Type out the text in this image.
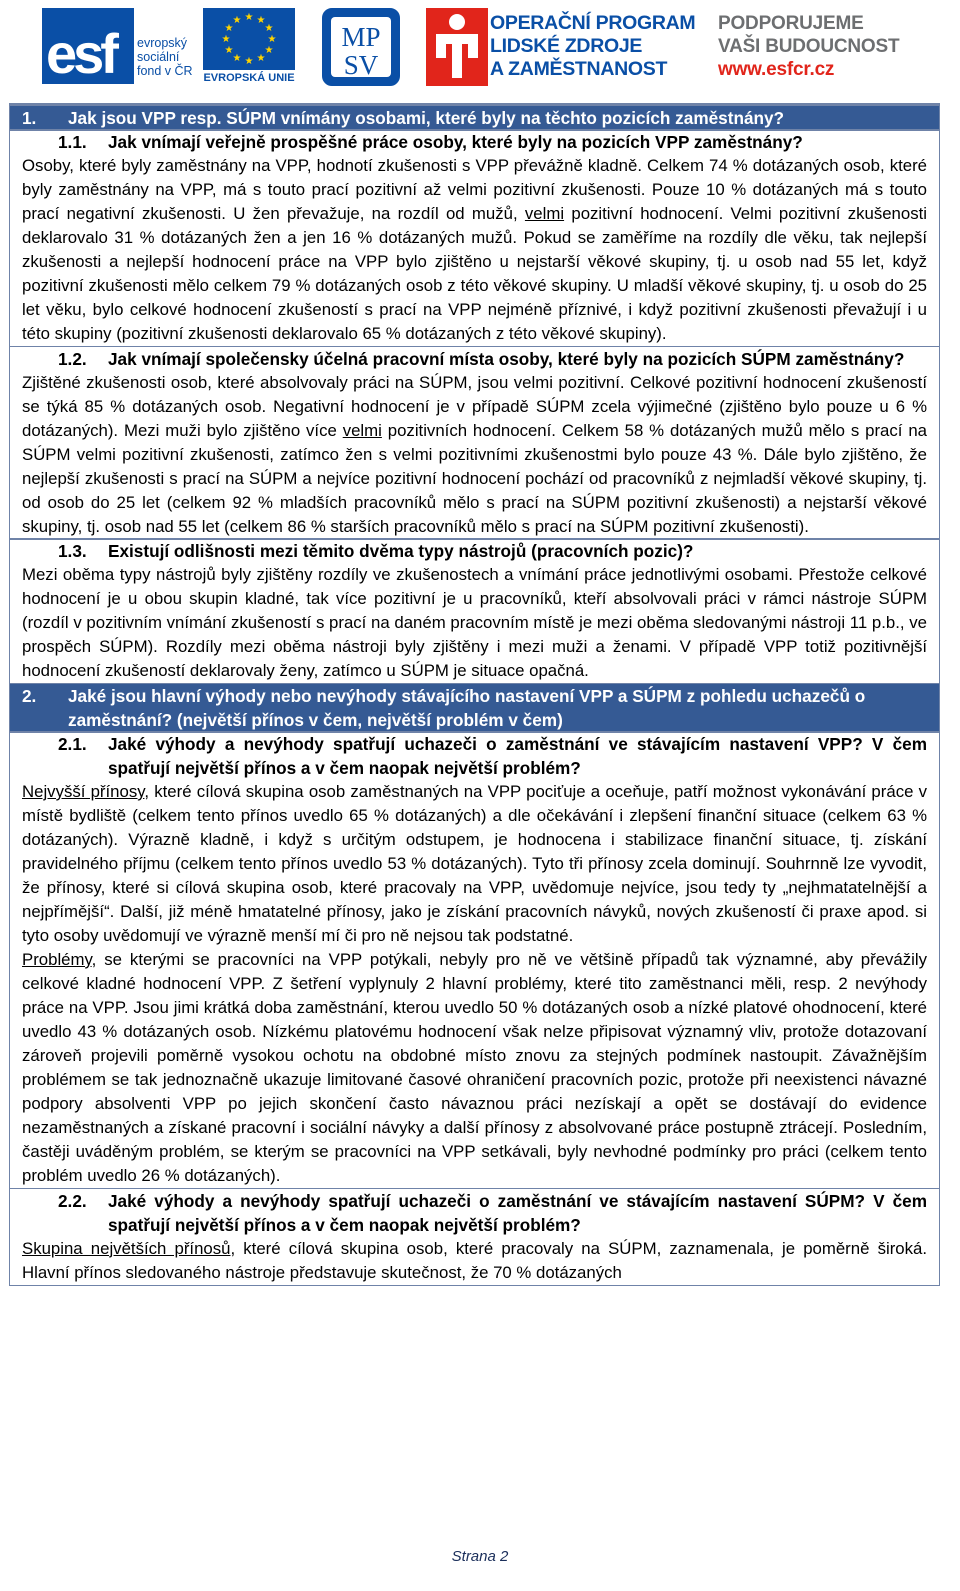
esf evropský
sociální
fond v ČR
★ ★
★
★
★
★
★
★
★
★
★
★
EVROPSKÁ UNIE
MP
SV
OPERAČNÍ PROGRAM
LIDSKÉ ZDROJE
A ZAMĚSTNANOST
PODPORUJEME
VAŠI BUDOUCNOST
www.esfcr.cz
1.	Jak jsou VPP resp. SÚPM vnímány osobami, které byly na těchto pozicích zaměstnány?
1.1.	Jak vnímají veřejně prospěšné práce osoby, které byly na pozicích VPP zaměstnány?
Osoby, které byly zaměstnány na VPP, hodnotí zkušenosti s VPP převážně kladně. Celkem 74 % dotázaných osob, které byly zaměstnány na VPP, má s touto prací pozitivní až velmi pozitivní zkušenosti. Pouze 10 % dotázaných má s touto prací negativní zkušenosti. U žen převažuje, na rozdíl od mužů, velmi pozitivní hodnocení. Velmi pozitivní zkušenosti deklarovalo 31 % dotázaných žen a jen 16 % dotázaných mužů. Pokud se zaměříme na rozdíly dle věku, tak nejlepší zkušenosti a nejlepší hodnocení práce na VPP bylo zjištěno u nejstarší věkové skupiny, tj. u osob nad 55 let, když pozitivní zkušenosti mělo celkem 79 % dotázaných osob z této věkové skupiny. U mladší věkové skupiny, tj. u osob do 25 let věku, bylo celkové hodnocení zkušeností s prací na VPP nejméně příznivé, i když pozitivní zkušenosti převažují i u této skupiny (pozitivní zkušenosti deklarovalo 65 % dotázaných z této věkové skupiny).
1.2.	Jak vnímají společensky účelná pracovní místa osoby, které byly na pozicích SÚPM zaměstnány?
Zjištěné zkušenosti osob, které absolvovaly práci na SÚPM, jsou velmi pozitivní. Celkové pozitivní hodnocení zkušeností se týká 85 % dotázaných osob. Negativní hodnocení je v případě SÚPM zcela výjimečné (zjištěno bylo pouze u 6 % dotázaných). Mezi muži bylo zjištěno více velmi pozitivních hodnocení. Celkem 58 % dotázaných mužů mělo s prací na SÚPM velmi pozitivní zkušenosti, zatímco žen s velmi pozitivními zkušenostmi bylo pouze 43 %. Dále bylo zjištěno, že nejlepší zkušenosti s prací na SÚPM a nejvíce pozitivní hodnocení pochází od pracovníků z nejmladší věkové skupiny, tj. od osob do 25 let (celkem 92 % mladších pracovníků mělo s prací na SÚPM pozitivní zkušenosti) a nejstarší věkové skupiny, tj. osob nad 55 let (celkem 86 % starších pracovníků mělo s prací na SÚPM pozitivní zkušenosti).
1.3.	Existují odlišnosti mezi těmito dvěma typy nástrojů (pracovních pozic)?
Mezi oběma typy nástrojů byly zjištěny rozdíly ve zkušenostech a vnímání práce jednotlivými osobami. Přestože celkové hodnocení je u obou skupin kladné, tak více pozitivní je u pracovníků, kteří absolvovali práci v rámci nástroje SÚPM (rozdíl v pozitivním vnímání zkušeností s prací na daném pracovním místě je mezi oběma sledovanými nástroji 11 p.b., ve prospěch SÚPM). Rozdíly mezi oběma nástroji byly zjištěny i mezi muži a ženami. V případě VPP totiž pozitivnější hodnocení zkušeností deklarovaly ženy, zatímco u SÚPM je situace opačná.
2.	Jaké jsou hlavní výhody nebo nevýhody stávajícího nastavení VPP a SÚPM z pohledu uchazečů o zaměstnání? (největší přínos v čem, největší problém v čem)
2.1.	Jaké výhody a nevýhody spatřují uchazeči o zaměstnání ve stávajícím nastavení VPP? V čem spatřují největší přínos a v čem naopak největší problém?
Nejvyšší přínosy, které cílová skupina osob zaměstnaných na VPP pociťuje a oceňuje, patří možnost vykonávání práce v místě bydliště (celkem tento přínos uvedlo 65 % dotázaných) a dle očekávání i zlepšení finanční situace (celkem 63 % dotázaných). Výrazně kladně, i když s určitým odstupem, je hodnocena i stabilizace finanční situace, tj. získání pravidelného příjmu (celkem tento přínos uvedlo 53 % dotázaných). Tyto tři přínosy zcela dominují. Souhrnně lze vyvodit, že přínosy, které si cílová skupina osob, které pracovaly na VPP, uvědomuje nejvíce, jsou tedy ty „nejhmatatelnější a nejpřímější“. Další, již méně hmatatelné přínosy, jako je získání pracovních návyků, nových zkušeností či praxe apod. si tyto osoby uvědomují ve výrazně menší mí či pro ně nejsou tak podstatné.
Problémy, se kterými se pracovníci na VPP potýkali, nebyly pro ně ve většině případů tak významné, aby převážily celkové kladné hodnocení VPP. Z šetření vyplynuly 2 hlavní problémy, které tito zaměstnanci měli, resp. 2 nevýhody práce na VPP. Jsou jimi krátká doba zaměstnání, kterou uvedlo 50 % dotázaných osob a nízké platové ohodnocení, které uvedlo 43 % dotázaných osob. Nízkému platovému hodnocení však nelze připisovat významný vliv, protože dotazovaní zároveň projevili poměrně vysokou ochotu na obdobné místo znovu za stejných podmínek nastoupit. Závažnějším problémem se tak jednoznačně ukazuje limitované časové ohraničení pracovních pozic, protože při neexistenci návazné podpory absolventi VPP po jejich skončení často návaznou práci nezískají a opět se dostávají do evidence nezaměstnaných a získané pracovní i sociální návyky a další přínosy z absolvované práce postupně ztrácejí. Posledním, častěji uváděným problém, se kterým se pracovníci na VPP setkávali, byly nevhodné podmínky pro práci (celkem tento problém uvedlo 26 % dotázaných).
2.2.	Jaké výhody a nevýhody spatřují uchazeči o zaměstnání ve stávajícím nastavení SÚPM? V čem spatřují největší přínos a v čem naopak největší problém?
Skupina největších přínosů, které cílová skupina osob, které pracovaly na SÚPM, zaznamenala, je poměrně široká. Hlavní přínos sledovaného nástroje představuje skutečnost, že 70 % dotázaných
Strana 2
